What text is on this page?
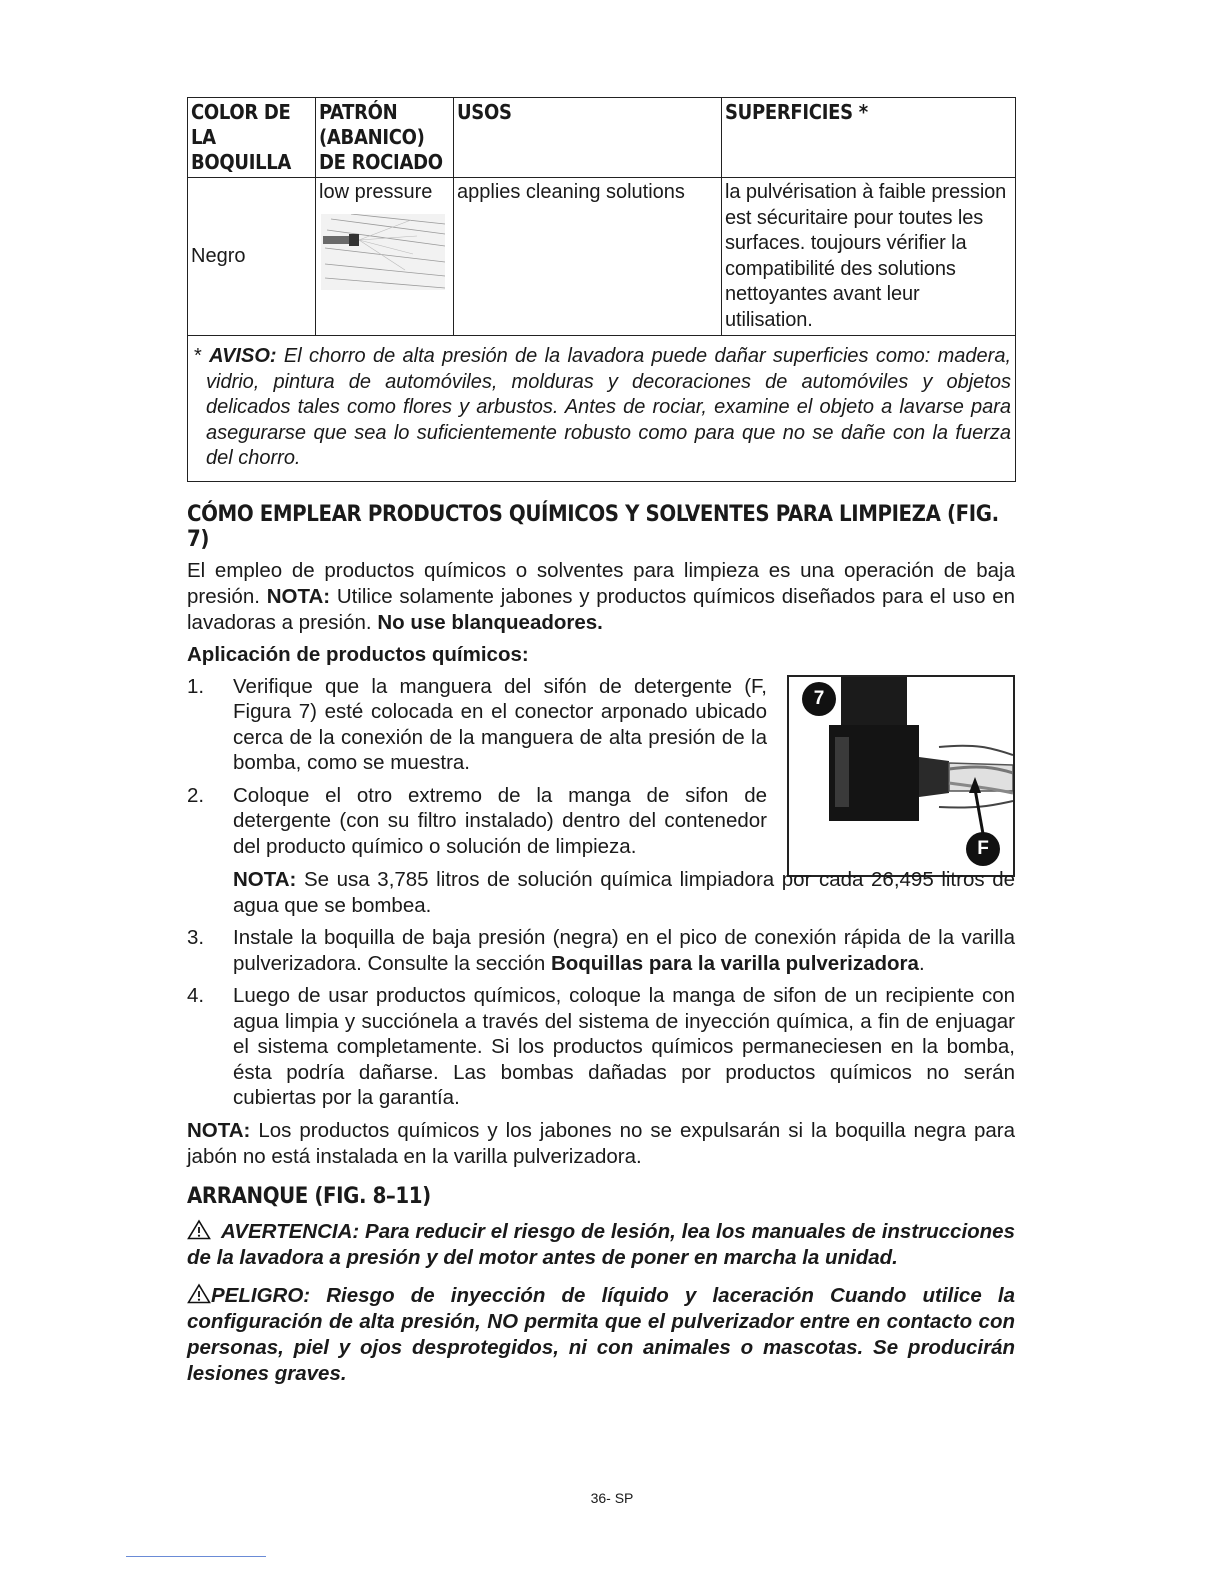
COLOR DE LA BOQUILLA	PATRÓN (ABANICO) DE ROCIADO	USOS	SUPERFICIES *
Negro	low pressure	applies cleaning solutions	la pulvérisation à faible pression est sécuritaire pour toutes les surfaces. toujours vérifier la compatibilité des solutions nettoyantes avant leur utilisation.

* AVISO: El chorro de alta presión de la lavadora puede dañar superficies como: madera, vidrio, pintura de automóviles, molduras y decoraciones de automóviles y objetos delicados tales como flores y arbustos. Antes de rociar, examine el objeto a lavarse para asegurarse que sea lo suficientemente robusto como para que no se dañe con la fuerza del chorro.			
CÓMO EMPLEAR PRODUCTOS QUÍMICOS Y SOLVENTES PARA LIMPIEZA (FIG. 7)

El empleo de productos químicos o solventes para limpieza es una operación de baja presión. NOTA: Utilice solamente jabones y productos químicos diseñados para el uso en lavadoras a presión. No use blanqueadores.

Aplicación de productos químicos:
7
F
1. Verifique que la manguera del sifón de detergente (F, Figura 7) esté colocada en el conector arponado ubicado cerca de la conexión de la manguera de alta presión de la bomba, como se muestra.
2. Coloque el otro extremo de la manga de sifon de detergente (con su filtro instalado) dentro del contenedor del producto químico o solución de limpieza.
NOTA: Se usa 3,785 litros de solución química limpiadora por cada 26,495 litros de agua que se bombea.
3. Instale la boquilla de baja presión (negra) en el pico de conexión rápida de la varilla pulverizadora. Consulte la sección Boquillas para la varilla pulverizadora.
4. Luego de usar productos químicos, coloque la manga de sifon de un recipiente con agua limpia y succiónela a través del sistema de inyección química, a fin de enjuagar el sistema completamente. Si los productos químicos permaneciesen en la bomba, ésta podría dañarse. Las bombas dañadas por productos químicos no serán cubiertas por la garantía.

NOTA: Los productos químicos y los jabones no se expulsarán si la boquilla negra para jabón no está instalada en la varilla pulverizadora.

ARRANQUE (FIG. 8–11)

AVERTENCIA: Para reducir el riesgo de lesión, lea los manuales de instrucciones de la lavadora a presión y del motor antes de poner en marcha la unidad.

PELIGRO: Riesgo de inyección de líquido y laceración Cuando utilice la configuración de alta presión, NO permita que el pulverizador entre en contacto con personas, piel y ojos desprotegidos, ni con animales o mascotas. Se producirán lesiones graves.

36- SP
